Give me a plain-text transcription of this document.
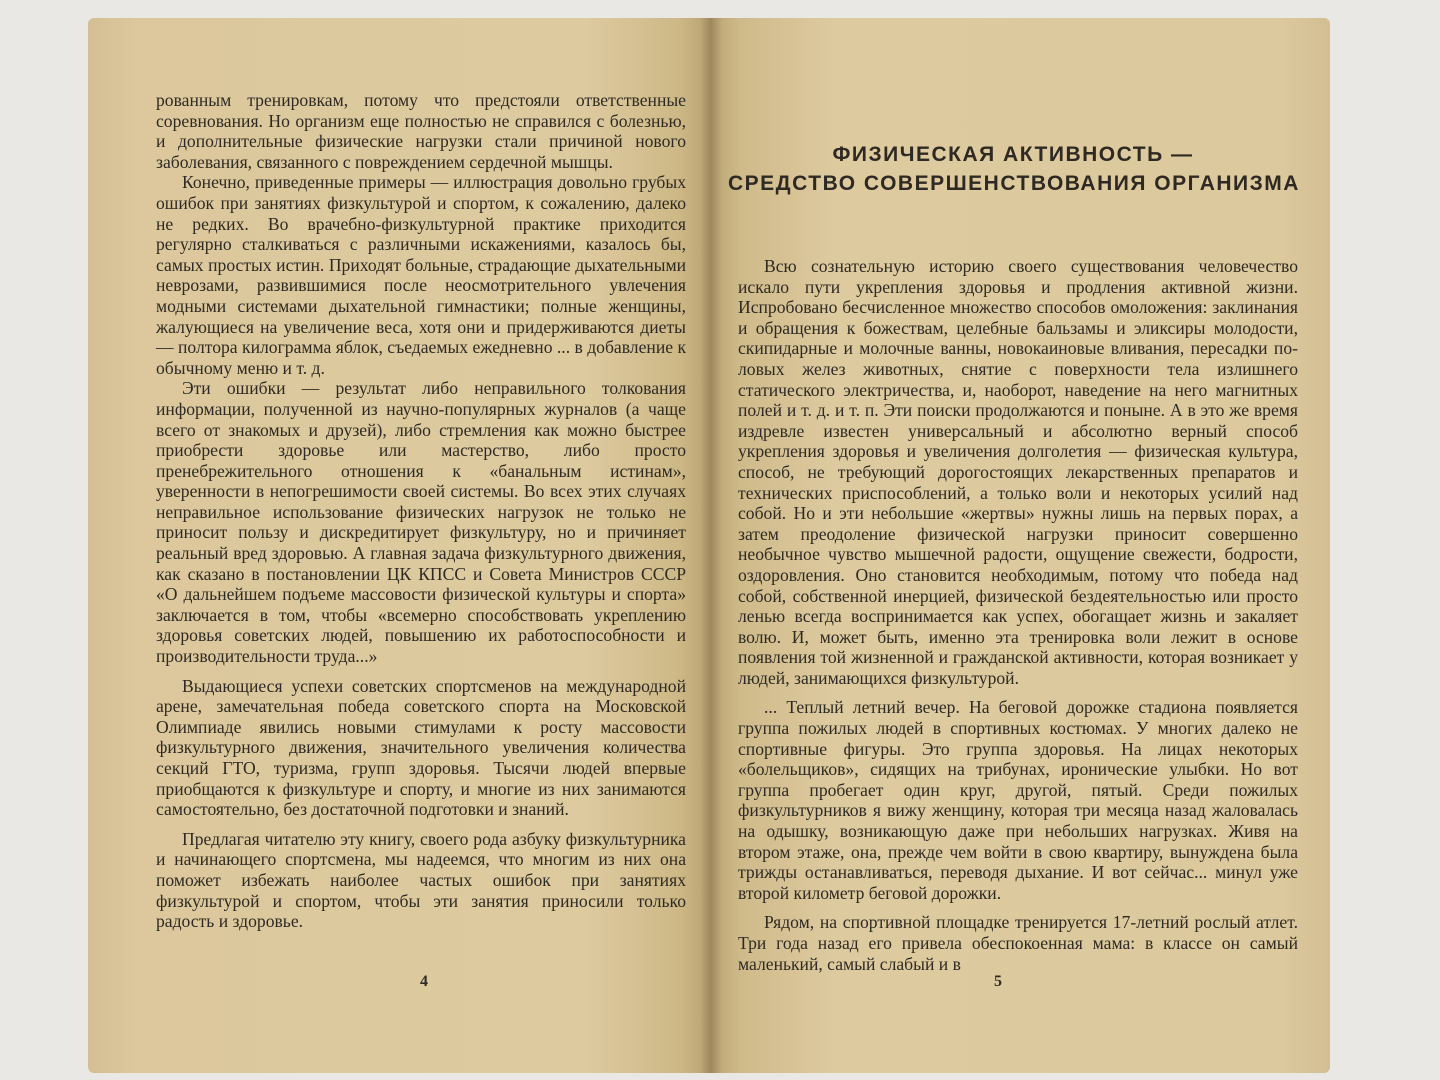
рованным тренировкам, потому что предстояли ответственные соревнования. Но организм еще полностью не справился с болезнью, и дополнительные физические нагрузки стали причиной нового заболевания, связанного с повреждением сердечной мышцы.

Конечно, приведенные примеры — иллюстрация довольно грубых ошибок при занятиях физкультурой и спортом, к сожалению, далеко не редких. Во врачебно-физкультурной практике приходится регулярно сталкиваться с различными искажениями, казалось бы, самых простых истин. Приходят больные, страдающие дыхательными неврозами, развившимися после неосмотрительного увлечения модными системами дыхательной гимнастики; полные женщины, жалующиеся на увеличение веса, хотя они и придерживаются диеты — полтора килограмма яблок, съедаемых ежедневно ... в добавление к обычному меню и т. д.

Эти ошибки — результат либо неправильного толкования информации, полученной из научно-популярных журналов (а чаще всего от знакомых и друзей), либо стремления как можно быстрее приобрести здоровье или мастерство, либо просто пренебрежительного отношения к «банальным истинам», уверенности в непогрешимости своей системы. Во всех этих случаях неправильное использование физических нагрузок не только не приносит пользу и дискредитирует физкультуру, но и причиняет реальный вред здоровью. А главная задача физкультурного движения, как сказано в постановлении ЦК КПСС и Совета Министров СССР «О дальнейшем подъеме массовости физической культуры и спорта» заключается в том, чтобы «всемерно способствовать укреплению здоровья советских людей, повышению их работоспособности и производительности труда...»

Выдающиеся успехи советских спортсменов на международной арене, замечательная победа советского спорта на Московской Олимпиаде явились новыми стимулами к росту массовости физкультурного движения, значительного увеличения количества секций ГТО, туризма, групп здоровья. Тысячи людей впервые приобщаются к физкультуре и спорту, и многие из них занимаются самостоятельно, без достаточной подготовки и знаний.

Предлагая читателю эту книгу, своего рода азбуку физкультурника и начинающего спортсмена, мы надеемся, что многим из них она поможет избежать наиболее частых ошибок при занятиях физкультурой и спортом, чтобы эти занятия приносили только радость и здоровье.

4
ФИЗИЧЕСКАЯ АКТИВНОСТЬ —
СРЕДСТВО СОВЕРШЕНСТВОВАНИЯ ОРГАНИЗМА

Всю сознательную историю своего существования человечество искало пути укрепления здоровья и продления активной жизни. Испробовано бесчисленное множество способов омоложения: заклинания и обращения к божествам, целебные бальзамы и эликсиры молодости, скипидарные и молочные ванны, новокаиновые вливания, пересадки половых желез животных, снятие с поверхности тела излишнего статического электричества, и, наоборот, наведение на него магнитных полей и т. д. и т. п. Эти поиски продолжаются и поныне. А в это же время издревле известен универсальный и абсолютно верный способ укрепления здоровья и увеличения долголетия — физическая культура, способ, не требующий дорогостоящих лекарственных препаратов и технических приспособлений, а только воли и некоторых усилий над собой. Но и эти небольшие «жертвы» нужны лишь на первых порах, а затем преодоление физической нагрузки приносит совершенно необычное чувство мышечной радости, ощущение свежести, бодрости, оздоровления. Оно становится необходимым, потому что победа над собой, собственной инерцией, физической бездеятельностью или просто ленью всегда воспринимается как успех, обогащает жизнь и закаляет волю. И, может быть, именно эта тренировка воли лежит в основе появления той жизненной и гражданской активности, которая возникает у людей, занимающихся физкультурой.

... Теплый летний вечер. На беговой дорожке стадиона появляется группа пожилых людей в спортивных костюмах. У многих далеко не спортивные фигуры. Это группа здоровья. На лицах некоторых «болельщиков», сидящих на трибунах, иронические улыбки. Но вот группа пробегает один круг, другой, пятый. Среди пожилых физкультурников я вижу женщину, которая три месяца назад жаловалась на одышку, возникающую даже при небольших нагрузках. Живя на втором этаже, она, прежде чем войти в свою квартиру, вынуждена была трижды останавливаться, переводя дыхание. И вот сейчас... минул уже второй километр беговой дорожки.

Рядом, на спортивной площадке тренируется 17-летний рослый атлет. Три года назад его привела обеспокоенная мама: в классе он самый маленький, самый слабый и в

5
